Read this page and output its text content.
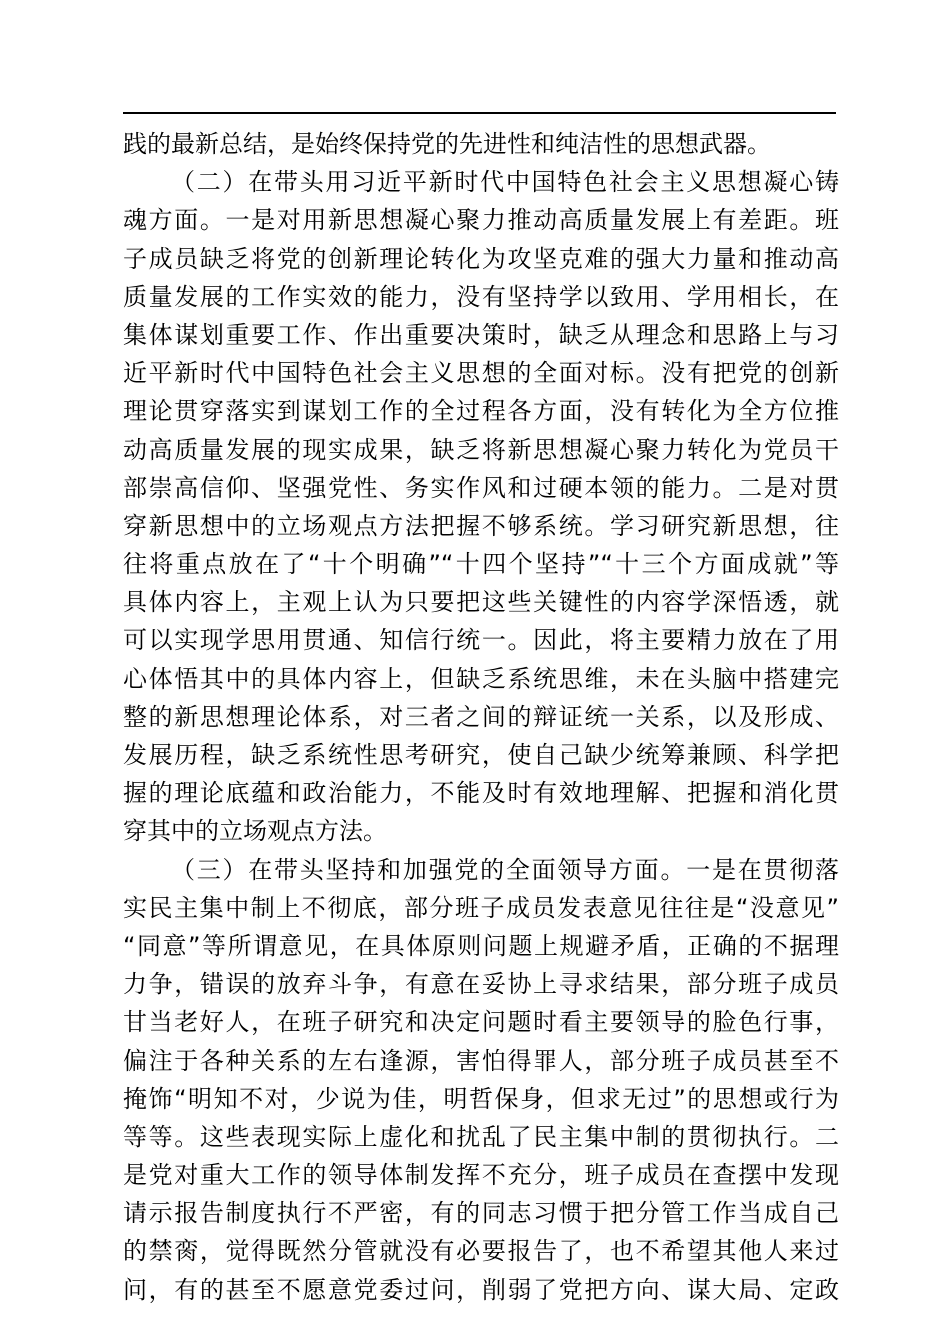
践的最新总结，是始终保持党的先进性和纯洁性的思想武器。
（二）在带头用习近平新时代中国特色社会主义思想凝心铸
魂方面。一是对用新思想凝心聚力推动高质量发展上有差距。班
子成员缺乏将党的创新理论转化为攻坚克难的强大力量和推动高
质量发展的工作实效的能力，没有坚持学以致用、学用相长，在
集体谋划重要工作、作出重要决策时，缺乏从理念和思路上与习
近平新时代中国特色社会主义思想的全面对标。没有把党的创新
理论贯穿落实到谋划工作的全过程各方面，没有转化为全方位推
动高质量发展的现实成果，缺乏将新思想凝心聚力转化为党员干
部崇高信仰、坚强党性、务实作风和过硬本领的能力。二是对贯
穿新思想中的立场观点方法把握不够系统。学习研究新思想，往
往将重点放在了“十个明确”“十四个坚持”“十三个方面成就”等
具体内容上，主观上认为只要把这些关键性的内容学深悟透，就
可以实现学思用贯通、知信行统一。因此，将主要精力放在了用
心体悟其中的具体内容上，但缺乏系统思维，未在头脑中搭建完
整的新思想理论体系，对三者之间的辩证统一关系，以及形成、
发展历程，缺乏系统性思考研究，使自己缺少统筹兼顾、科学把
握的理论底蕴和政治能力，不能及时有效地理解、把握和消化贯
穿其中的立场观点方法。
（三）在带头坚持和加强党的全面领导方面。一是在贯彻落
实民主集中制上不彻底，部分班子成员发表意见往往是“没意见”
“同意”等所谓意见，在具体原则问题上规避矛盾，正确的不据理
力争，错误的放弃斗争，有意在妥协上寻求结果，部分班子成员
甘当老好人，在班子研究和决定问题时看主要领导的脸色行事，
偏注于各种关系的左右逢源，害怕得罪人，部分班子成员甚至不
掩饰“明知不对，少说为佳，明哲保身，但求无过”的思想或行为
等等。这些表现实际上虚化和扰乱了民主集中制的贯彻执行。二
是党对重大工作的领导体制发挥不充分，班子成员在查摆中发现
请示报告制度执行不严密，有的同志习惯于把分管工作当成自己
的禁脔，觉得既然分管就没有必要报告了，也不希望其他人来过
问，有的甚至不愿意党委过问，削弱了党把方向、谋大局、定政
